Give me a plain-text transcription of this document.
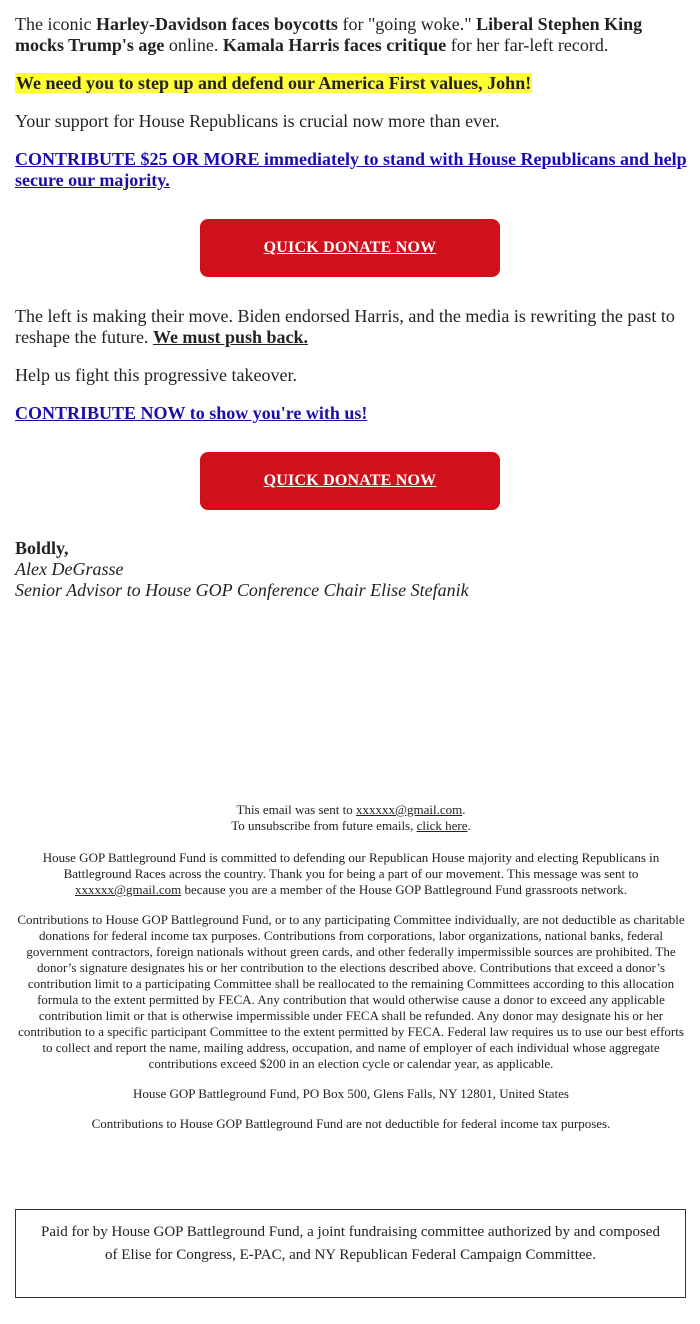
The iconic Harley-Davidson faces boycotts for "going woke." Liberal Stephen King mocks Trump's age online. Kamala Harris faces critique for her far-left record.

We need you to step up and defend our America First values, John!

Your support for House Republicans is crucial now more than ever.

CONTRIBUTE $25 OR MORE immediately to stand with House Republicans and help secure our majority.
QUICK DONATE NOW

The left is making their move. Biden endorsed Harris, and the media is rewriting the past to reshape the future. We must push back.

Help us fight this progressive takeover.

CONTRIBUTE NOW to show you're with us!
QUICK DONATE NOW

Boldly,

Alex DeGrasse

Senior Advisor to House GOP Conference Chair Elise Stefanik

This email was sent to xxxxxx@gmail.com.

To unsubscribe from future emails, click here.

House GOP Battleground Fund is committed to defending our Republican House majority and electing Republicans in Battleground Races across the country. Thank you for being a part of our movement. This message was sent to xxxxxx@gmail.com because you are a member of the House GOP Battleground Fund grassroots network.

Contributions to House GOP Battleground Fund, or to any participating Committee individually, are not deductible as charitable donations for federal income tax purposes. Contributions from corporations, labor organizations, national banks, federal government contractors, foreign nationals without green cards, and other federally impermissible sources are prohibited. The donor’s signature designates his or her contribution to the elections described above. Contributions that exceed a donor’s contribution limit to a participating Committee shall be reallocated to the remaining Committees according to this allocation formula to the extent permitted by FECA. Any contribution that would otherwise cause a donor to exceed any applicable contribution limit or that is otherwise impermissible under FECA shall be refunded. Any donor may designate his or her contribution to a specific participant Committee to the extent permitted by FECA. Federal law requires us to use our best efforts to collect and report the name, mailing address, occupation, and name of employer of each individual whose aggregate contributions exceed $200 in an election cycle or calendar year, as applicable.

House GOP Battleground Fund, PO Box 500, Glens Falls, NY 12801, United States

Contributions to House GOP Battleground Fund are not deductible for federal income tax purposes.

Paid for by House GOP Battleground Fund, a joint fundraising committee authorized by and composed of Elise for Congress, E-PAC, and NY Republican Federal Campaign Committee.
